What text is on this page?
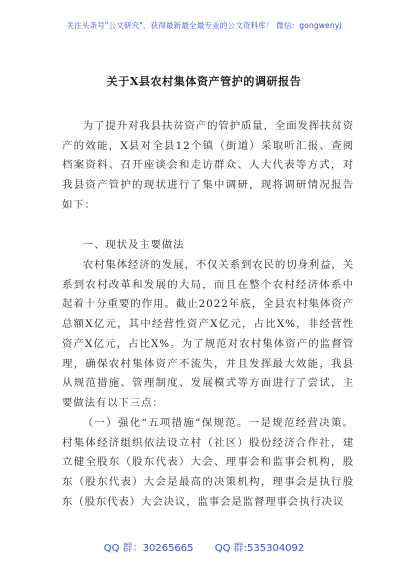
关注头条号"公文研究"，获得最新最全最专业的公文资料库！ 微信：gongwenyj
关于X县农村集体资产管护的调研报告

为了提升对我县扶贫资产的管护质量，全面发挥扶贫资产的效能，X县对全县12个镇（街道）采取听汇报、查阅档案资料、召开座谈会和走访群众、人大代表等方式，对我县资产管护的现状进行了集中调研，现将调研情况报告如下：

一、现状及主要做法

农村集体经济的发展，不仅关系到农民的切身利益，关系到农村改革和发展的大局，而且在整个农村经济体系中起着十分重要的作用。截止2022年底，全县农村集体资产总额X亿元，其中经营性资产X亿元，占比X%，非经营性资产X亿元，占比X%。为了规范对农村集体资产的监督管理，确保农村集体资产不流失，并且发挥最大效能，我县从规范措施、管理制度、发展模式等方面进行了尝试，主要做法有以下三点：

（一）强化“五项措施”保规范。一是规范经营决策。村集体经济组织依法设立村（社区）股份经济合作社，建立健全股东（股东代表）大会、理事会和监事会机构，股东（股东代表）大会是最高的决策机构，理事会是执行股东（股东代表）大会决议，监事会是监督理事会执行决议

QQ 群：30265665 QQ 群:535304092
